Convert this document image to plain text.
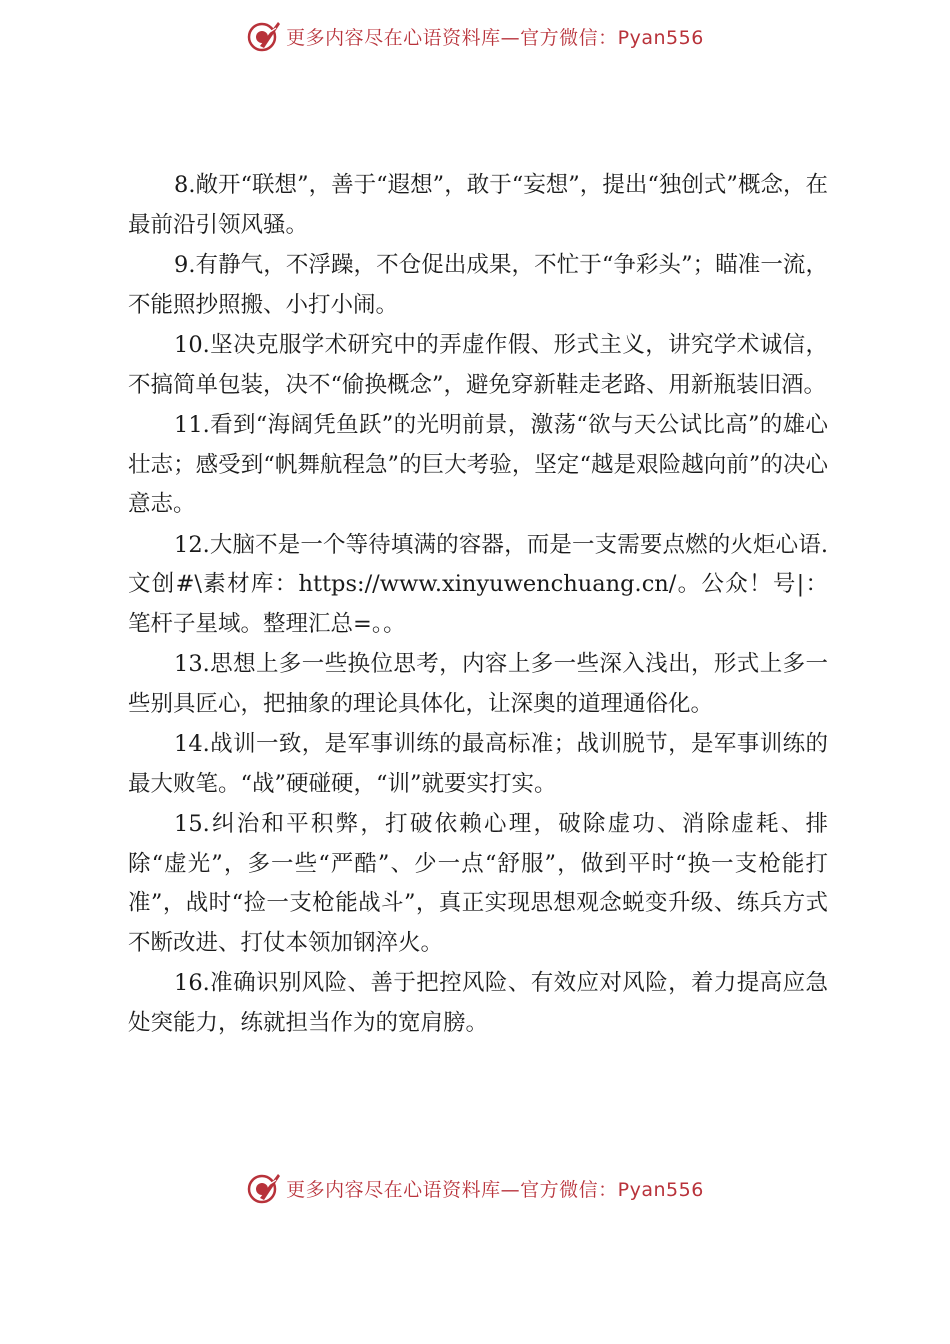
更多内容尽在心语资料库—官方微信：Pyan556

8.敞开“联想”，善于“遐想”，敢于“妄想”，提出“独创式”概念，在最前沿引领风骚。

9.有静气，不浮躁，不仓促出成果，不忙于“争彩头”；瞄准一流，不能照抄照搬、小打小闹。

10.坚决克服学术研究中的弄虚作假、形式主义，讲究学术诚信，不搞简单包装，决不“偷换概念”，避免穿新鞋走老路、用新瓶装旧酒。

11.看到“海阔凭鱼跃”的光明前景，激荡“欲与天公试比高”的雄心壮志；感受到“帆舞航程急”的巨大考验，坚定“越是艰险越向前”的决心意志。

12.大脑不是一个等待填满的容器，而是一支需要点燃的火炬心语.文创#\素材库：https://www.xinyuwenchuang.cn/。公众！号|：笔杆子星域。整理汇总=。。

13.思想上多一些换位思考，内容上多一些深入浅出，形式上多一些别具匠心，把抽象的理论具体化，让深奥的道理通俗化。

14.战训一致，是军事训练的最高标准；战训脱节，是军事训练的最大败笔。“战”硬碰硬，“训”就要实打实。

15.纠治和平积弊，打破依赖心理，破除虚功、消除虚耗、排除“虚光”，多一些“严酷”、少一点“舒服”，做到平时“换一支枪能打准”，战时“捡一支枪能战斗”，真正实现思想观念蜕变升级、练兵方式不断改进、打仗本领加钢淬火。

16.准确识别风险、善于把控风险、有效应对风险，着力提高应急处突能力，练就担当作为的宽肩膀。

更多内容尽在心语资料库—官方微信：Pyan556
